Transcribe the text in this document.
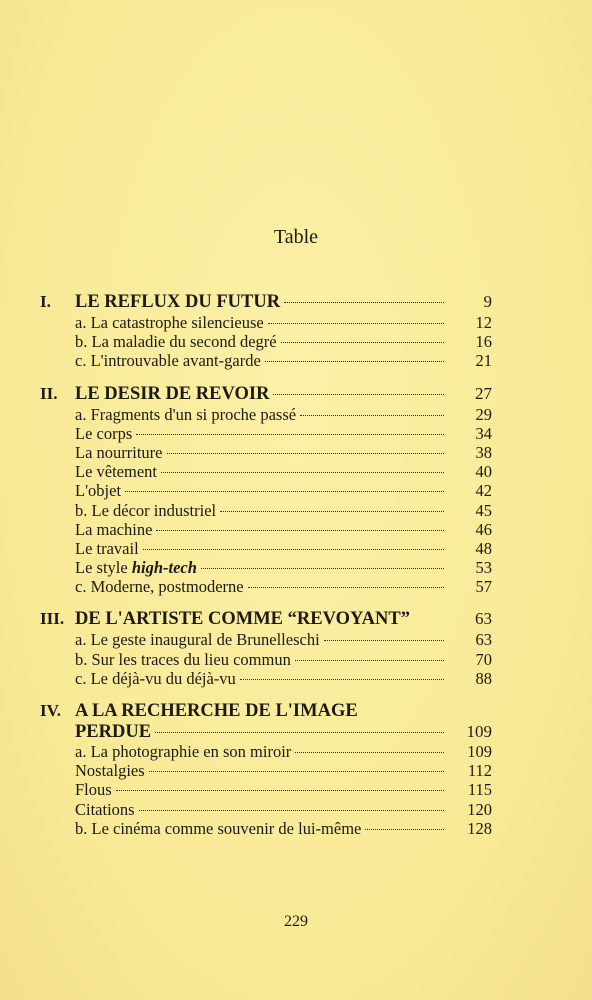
Table
I.	LE REFLUX DU FUTUR	9
a. La catastrophe silencieuse	12
b. La maladie du second degré	16
c. L'introuvable avant-garde	21
II. LE DESIR DE REVOIR	27
a. Fragments d'un si proche passé	29
Le corps	34
La nourriture	38
Le vêtement	40
L'objet	42
b. Le décor industriel	45
La machine	46
Le travail	48
Le style high-tech	53
c. Moderne, postmoderne	57
III. DE L'ARTISTE COMME “REVOYANT”	63
a. Le geste inaugural de Brunelleschi	63
b. Sur les traces du lieu commun	70
c. Le déjà-vu du déjà-vu	88
IV. A LA RECHERCHE DE L'IMAGE
PERDUE	109
a. La photographie en son miroir	109
Nostalgies	112
Flous	115
Citations	120
b. Le cinéma comme souvenir de lui-même	128
229
